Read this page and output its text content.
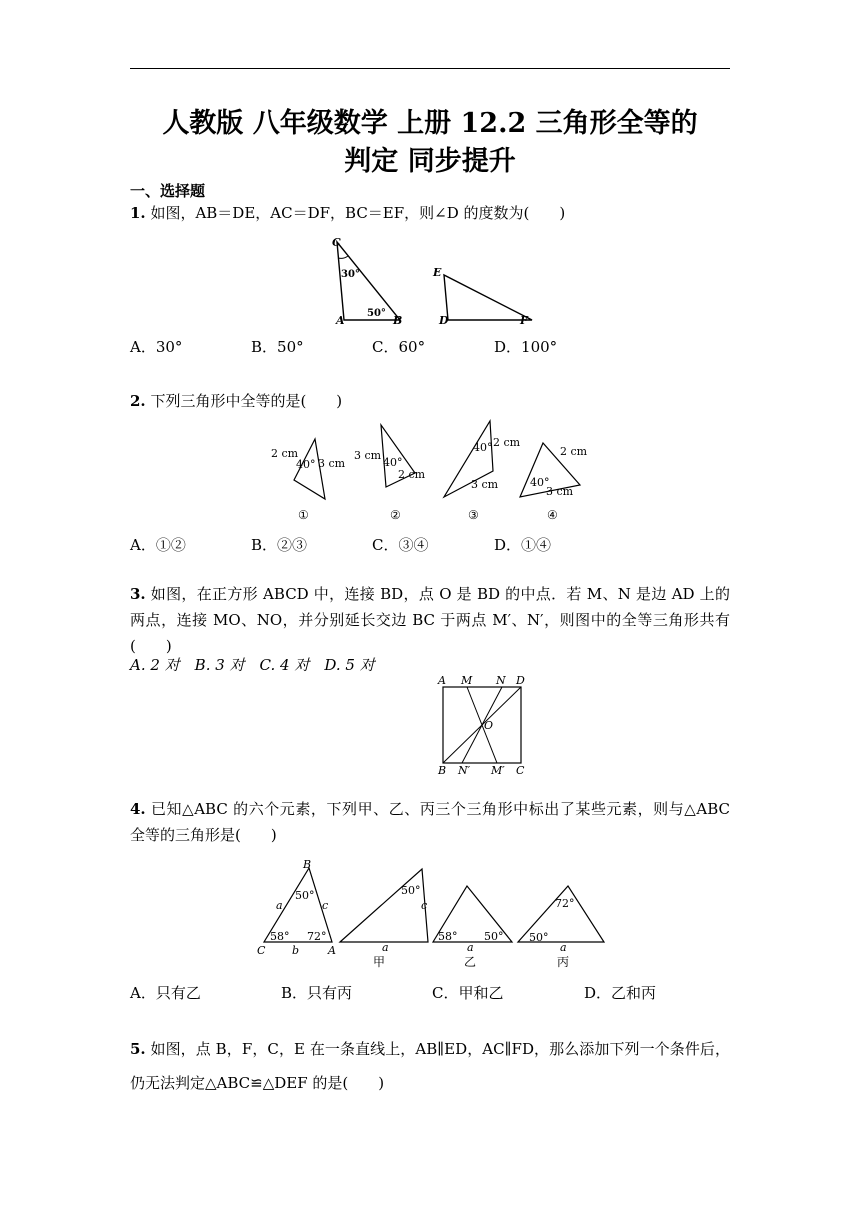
人教版 八年级数学 上册 12.2 三角形全等的
判定 同步提升
一、选择题
1. 如图，AB＝DE，AC＝DF，BC＝EF，则∠D 的度数为(　　)
C
30°
A
50°
B
E
D	F
A．30°	B．50°	C．60°	D．100°
2. 下列三角形中全等的是(　　)
2 cm
40° 3 cm
①
3 cm
40°
2 cm
②
40° 2 cm
3 cm
③
2 cm
40°
3 cm
④
A．①②	B．②③	C．③④	D．①④
3. 如图，在正方形 ABCD 中，连接 BD，点 O 是 BD 的中点．若 M、N 是边 AD 上的两点，连接 MO、NO，并分别延长交边 BC 于两点 M′、N′，则图中的全等三角形共有(　　)
A. 2 对　B. 3 对　C. 4 对　D. 5 对
A M N D
O
B N′ M′ C
4. 已知△ABC 的六个元素，下列甲、乙、丙三个三角形中标出了某些元素，则与△ABC 全等的三角形是(　　)
B
50°
a	c
58° 72°
C b	A
50°
c
a
甲
58° 50°
a
乙
72°
50°
a
丙
A．只有乙	B．只有丙	C．甲和乙	D．乙和丙
5. 如图，点 B，F，C，E 在一条直线上，AB∥ED，AC∥FD，那么添加下列一个条件后，仍无法判定△ABC≌△DEF 的是(　　)
